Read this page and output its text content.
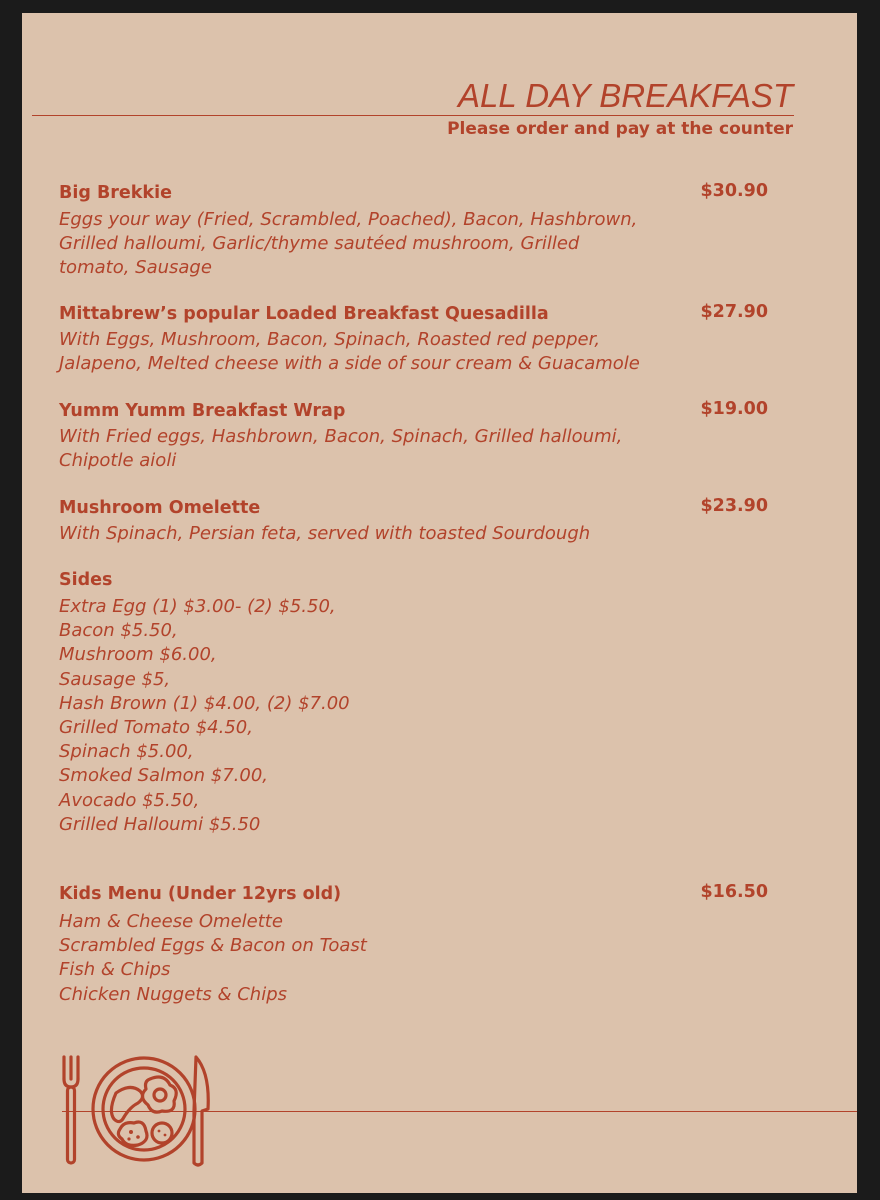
ALL DAY BREAKFAST
Please order and pay at the counter
Big Brekkie	$30.90
Eggs your way (Fried, Scrambled, Poached), Bacon, Hashbrown,
Grilled halloumi, Garlic/thyme sautéed mushroom, Grilled
tomato, Sausage
Mittabrew’s popular Loaded Breakfast Quesadilla	$27.90
With Eggs, Mushroom, Bacon, Spinach, Roasted red pepper,
Jalapeno, Melted cheese with a side of sour cream & Guacamole
Yumm Yumm Breakfast Wrap	$19.00
With Fried eggs, Hashbrown, Bacon, Spinach, Grilled halloumi,
Chipotle aioli
Mushroom Omelette	$23.90
With Spinach, Persian feta, served with toasted Sourdough
Sides
Extra Egg (1) $3.00- (2) $5.50,
Bacon $5.50,
Mushroom $6.00,
Sausage $5,
Hash Brown (1) $4.00, (2) $7.00
Grilled Tomato $4.50,
Spinach $5.00,
Smoked Salmon $7.00,
Avocado $5.50,
Grilled Halloumi $5.50
Kids Menu (Under 12yrs old)	$16.50
Ham & Cheese Omelette
Scrambled Eggs & Bacon on Toast
Fish & Chips
Chicken Nuggets & Chips
